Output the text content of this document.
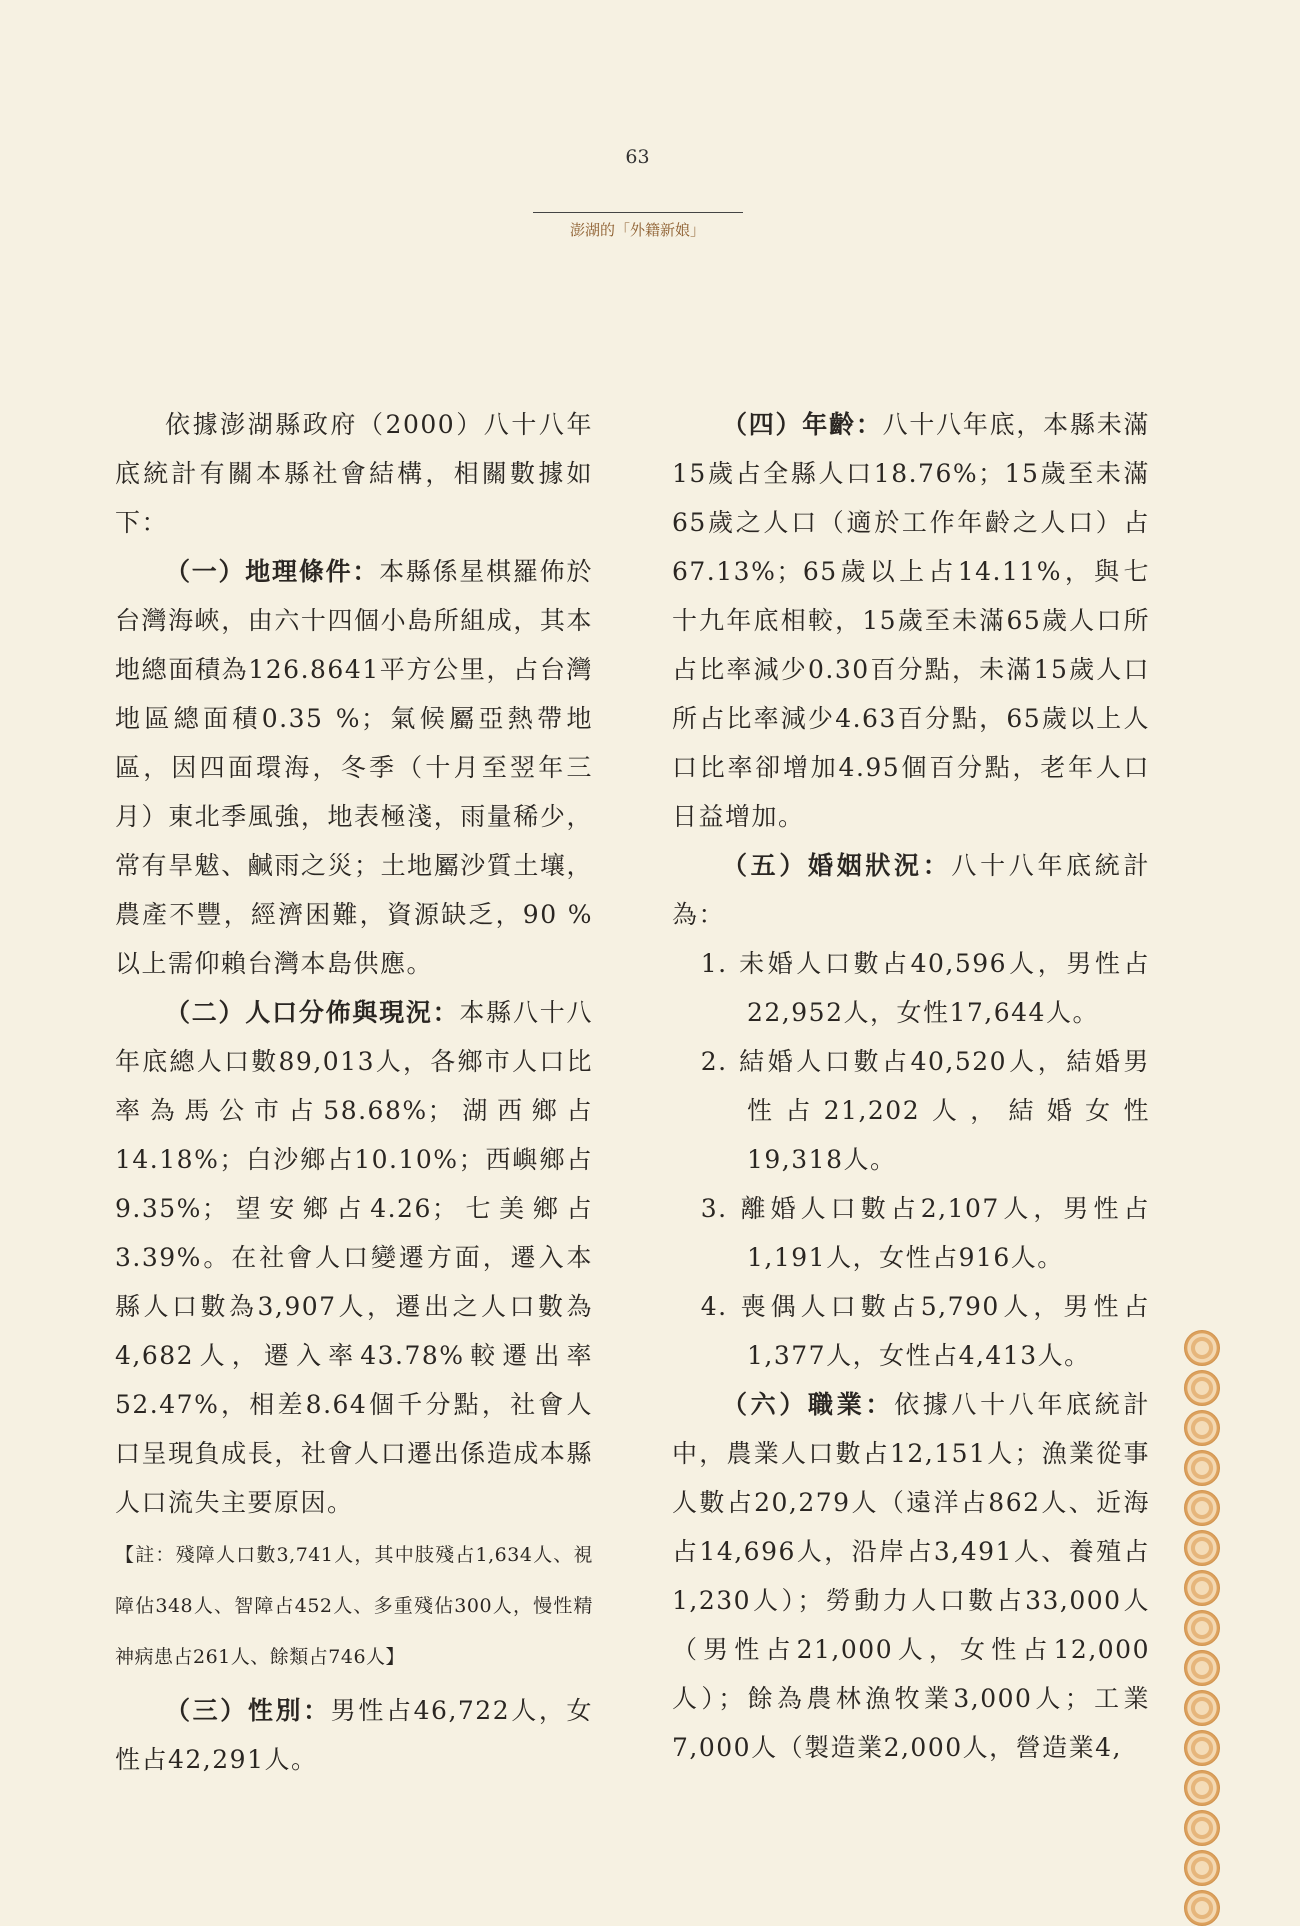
63
澎湖的「外籍新娘」

依據澎湖縣政府（2000）八十八年底統計有關本縣社會結構，相關數據如下：

（一）地理條件：本縣係星棋羅佈於台灣海峽，由六十四個小島所組成，其本地總面積為126.8641平方公里，占台灣地區總面積0.35 %；氣候屬亞熱帶地區，因四面環海，冬季（十月至翌年三月）東北季風強，地表極淺，雨量稀少，常有旱魃、鹹雨之災；土地屬沙質土壤，農產不豐，經濟困難，資源缺乏，90 %以上需仰賴台灣本島供應。

（二）人口分佈與現況：本縣八十八年底總人口數89,013人，各鄉市人口比率為馬公市占58.68%；湖西鄉占14.18%；白沙鄉占10.10%；西嶼鄉占9.35%；望安鄉占4.26；七美鄉占3.39%。在社會人口變遷方面，遷入本縣人口數為3,907人，遷出之人口數為4,682人，遷入率43.78%較遷出率52.47%，相差8.64個千分點，社會人口呈現負成長，社會人口遷出係造成本縣人口流失主要原因。

【註：殘障人口數3,741人，其中肢殘占1,634人、視障佔348人、智障占452人、多重殘佔300人，慢性精神病患占261人、餘類占746人】

（三）性別：男性占46,722人，女性占42,291人。

（四）年齡：八十八年底，本縣未滿15歲占全縣人口18.76%；15歲至未滿65歲之人口（適於工作年齡之人口）占67.13%；65歲以上占14.11%，與七十九年底相較，15歲至未滿65歲人口所占比率減少0.30百分點，未滿15歲人口所占比率減少4.63百分點，65歲以上人口比率卻增加4.95個百分點，老年人口日益增加。

（五）婚姻狀況：八十八年底統計為：

1. 未婚人口數占40,596人，男性占22,952人，女性17,644人。

2. 結婚人口數占40,520人，結婚男性占21,202人，結婚女性19,318人。

3. 離婚人口數占2,107人，男性占1,191人，女性占916人。

4. 喪偶人口數占5,790人，男性占1,377人，女性占4,413人。

（六）職業：依據八十八年底統計中，農業人口數占12,151人；漁業從事人數占20,279人（遠洋占862人、近海占14,696人，沿岸占3,491人、養殖占1,230人）；勞動力人口數占33,000人（男性占21,000人，女性占12,000人）；餘為農林漁牧業3,000人；工業7,000人（製造業2,000人，營造業4,
